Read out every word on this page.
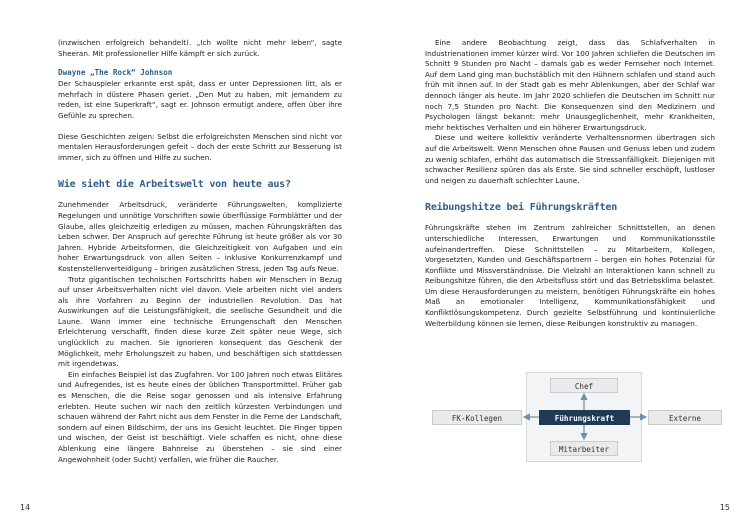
(inzwischen erfolgreich behandelt). „Ich wollte nicht mehr leben“, sagte Sheeran. Mit professioneller Hilfe kämpft er sich zurück.

Dwayne „The Rock“ Johnson

Der Schauspieler erkannte erst spät, dass er unter Depressionen litt, als er mehrfach in düstere Phasen geriet. „Den Mut zu haben, mit jemandem zu reden, ist eine Superkraft“, sagt er. Johnson ermutigt andere, offen über ihre Gefühle zu sprechen.

Diese Geschichten zeigen: Selbst die erfolgreichsten Menschen sind nicht vor mentalen Herausforderungen gefeit – doch der erste Schritt zur Besserung ist immer, sich zu öffnen und Hilfe zu suchen.

Wie sieht die Arbeitswelt von heute aus?

Zunehmender Arbeitsdruck, veränderte Führungswelten, komplizierte Regelungen und unnötige Vorschriften sowie überflüssige Formblätter und der Glaube, alles gleichzeitig erledigen zu müssen, machen Führungskräften das Leben schwer. Der Anspruch auf gerechte Führung ist heute größer als vor 30 Jahren. Hybride Arbeitsformen, die Gleichzeitigkeit von Aufgaben und ein hoher Erwartungsdruck von allen Seiten – inklusive Konkurrenzkampf und Kostenstellenverteidigung – bringen zusätzlichen Stress, jeden Tag aufs Neue.

Trotz gigantischen technischen Fortschritts haben wir Menschen in Bezug auf unser Arbeitsverhalten nicht viel davon. Viele arbeiten nicht viel anders als ihre Vorfahren zu Beginn der industriellen Revolution. Das hat Auswirkungen auf die Leistungsfähigkeit, die seelische Gesundheit und die Laune. Wann immer eine technische Errungenschaft den Menschen Erleichterung verschafft, finden diese kurze Zeit später neue Wege, sich unglücklich zu machen. Sie ignorieren konsequent das Geschenk der Möglichkeit, mehr Erholungszeit zu haben, und beschäftigen sich stattdessen mit irgendetwas.

Ein einfaches Beispiel ist das Zugfahren. Vor 100 Jahren noch etwas Elitäres und Aufregendes, ist es heute eines der üblichen Transportmittel. Früher gab es Menschen, die die Reise sogar genossen und als intensive Erfahrung erlebten. Heute suchen wir nach den zeitlich kürzesten Verbindungen und schauen während der Fahrt nicht aus dem Fenster in die Ferne der Landschaft, sondern auf einen Bildschirm, der uns ins Gesicht leuchtet. Die Finger tippen und wischen, der Geist ist beschäftigt. Viele schaffen es nicht, ohne diese Ablenkung eine längere Bahnreise zu überstehen – sie sind einer Angewohnheit (oder Sucht) verfallen, wie früher die Raucher.

14

Eine andere Beobachtung zeigt, dass das Schlafverhalten in Industrienationen immer kürzer wird. Vor 100 Jahren schliefen die Deutschen im Schnitt 9 Stunden pro Nacht – damals gab es weder Fernseher noch Internet. Auf dem Land ging man buchstäblich mit den Hühnern schlafen und stand auch früh mit ihnen auf. In der Stadt gab es mehr Ablenkungen, aber der Schlaf war dennoch länger als heute. Im Jahr 2020 schliefen die Deutschen im Schnitt nur noch 7,5 Stunden pro Nacht. Die Konsequenzen sind den Medizinern und Psychologen längst bekannt: mehr Unausgeglichenheit, mehr Krankheiten, mehr hektisches Verhalten und ein höherer Erwartungsdruck.

Diese und weitere kollektiv veränderte Verhaltensnormen übertragen sich auf die Arbeitswelt. Wenn Menschen ohne Pausen und Genuss leben und zudem zu wenig schlafen, erhöht das automatisch die Stressanfälligkeit. Diejenigen mit schwacher Resilienz spüren das als Erste. Sie sind schneller erschöpft, lustloser und neigen zu dauerhaft schlechter Laune.

Reibungshitze bei Führungskräften

Führungskräfte stehen im Zentrum zahlreicher Schnittstellen, an denen unterschiedliche Interessen, Erwartungen und Kommunikationsstile aufeinandertreffen. Diese Schnittstellen – zu Mitarbeitern, Kollegen, Vorgesetzten, Kunden und Geschäftspartnern – bergen ein hohes Potenzial für Konflikte und Missverständnisse. Die Vielzahl an Interaktionen kann schnell zu Reibungshitze führen, die den Arbeitsfluss stört und das Betriebsklima belastet. Um diese Herausforderungen zu meistern, benötigen Führungskräfte ein hohes Maß an emotionaler Intelligenz, Kommunikationsfähigkeit und Konfliktlösungskompetenz. Durch gezielte Selbstführung und kontinuierliche Weiterbildung können sie lernen, diese Reibungen konstruktiv zu managen.

Chef
Führungskraft
Mitarbeiter
FK-Kollegen	Externe
15
